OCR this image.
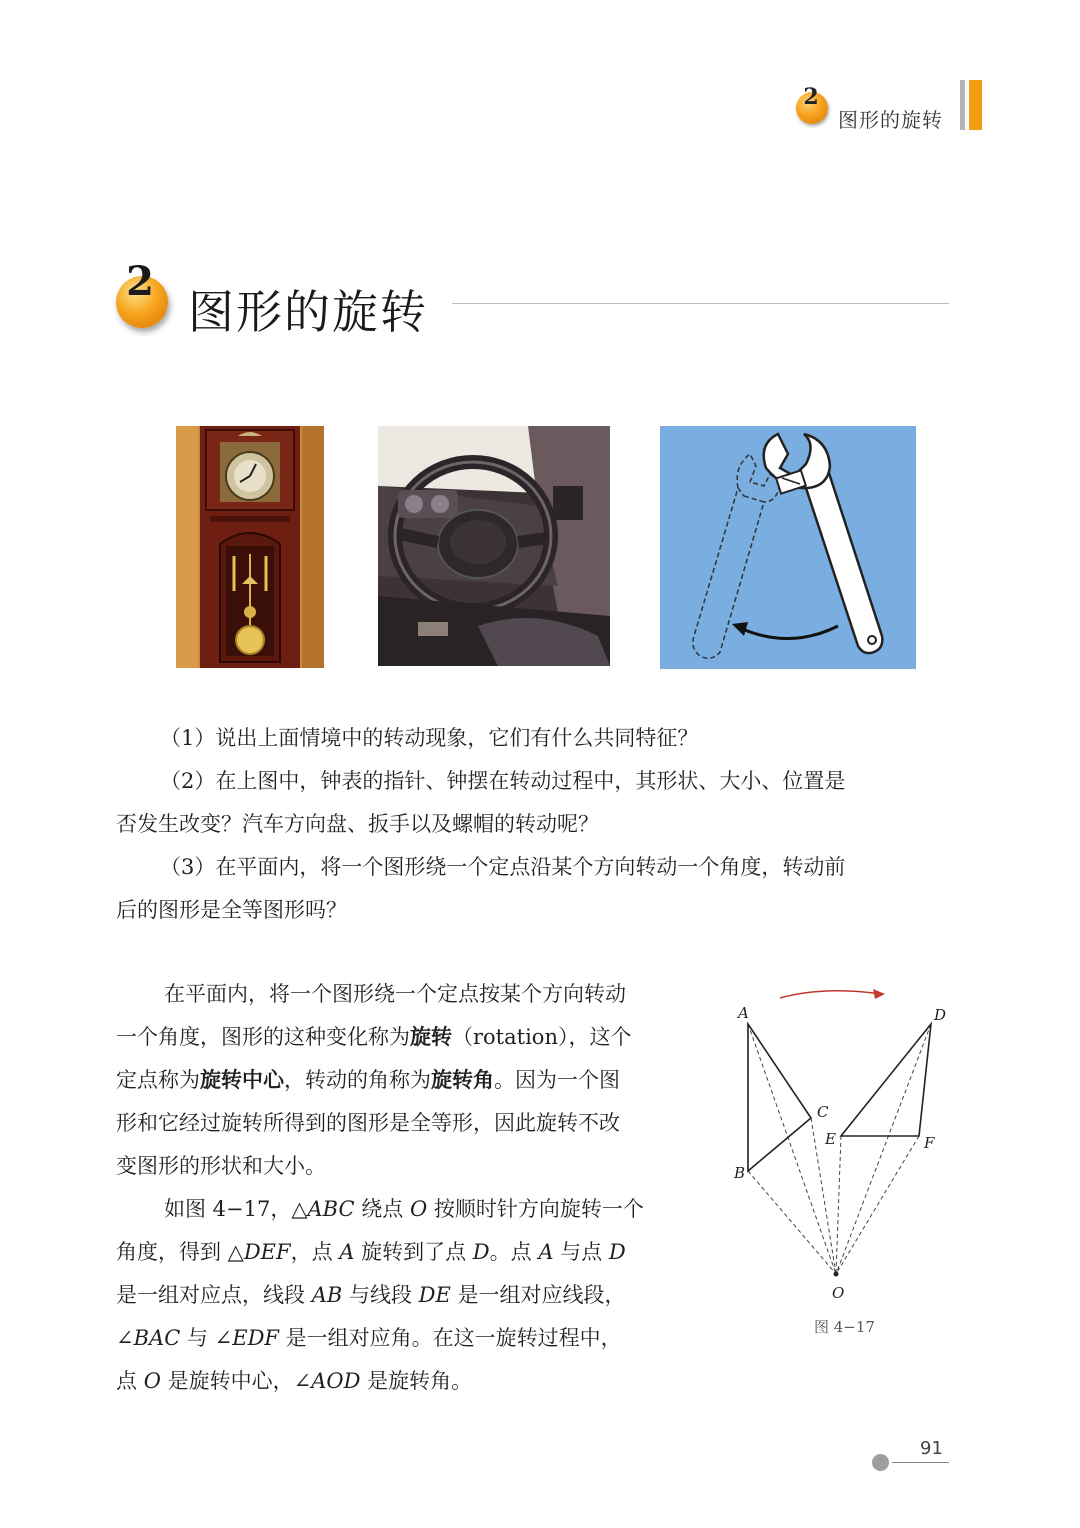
2
图形的旋转
2
图形的旋转
（1）说出上面情境中的转动现象，它们有什么共同特征？
（2）在上图中，钟表的指针、钟摆在转动过程中，其形状、大小、位置是
否发生改变？汽车方向盘、扳手以及螺帽的转动呢？
（3）在平面内，将一个图形绕一个定点沿某个方向转动一个角度，转动前
后的图形是全等图形吗？
在平面内，将一个图形绕一个定点按某个方向转动
一个角度，图形的这种变化称为旋转（rotation），这个
定点称为旋转中心，转动的角称为旋转角。因为一个图
形和它经过旋转所得到的图形是全等形，因此旋转不改
变图形的形状和大小。
如图 4−17，△ABC 绕点 O 按顺时针方向旋转一个
角度，得到 △DEF，点 A 旋转到了点 D。点 A 与点 D
是一组对应点，线段 AB 与线段 DE 是一组对应线段，
∠BAC 与 ∠EDF 是一组对应角。在这一旋转过程中，
点 O 是旋转中心，∠AOD 是旋转角。
A
B
C
D
E	F
O
图 4−17
91
